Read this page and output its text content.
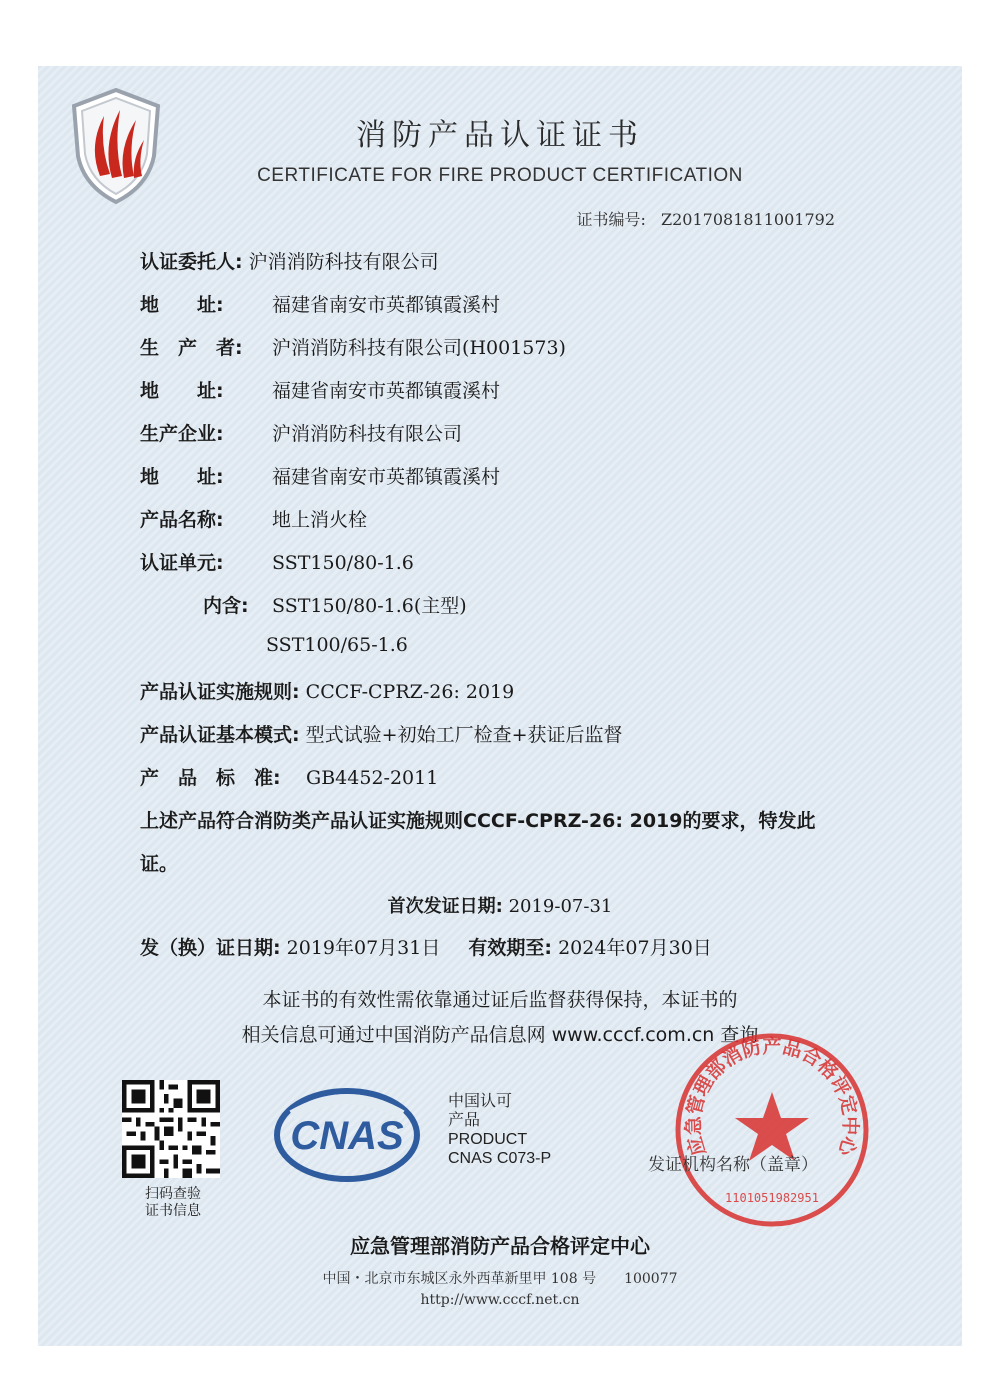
消防产品认证证书
CERTIFICATE FOR FIRE PRODUCT CERTIFICATION
证书编号: Z2017081811001792
认证委托人: 沪消消防科技有限公司
地　　址:	福建省南安市英都镇霞溪村
生　产　者: 沪消消防科技有限公司(H001573)
地　　址:	福建省南安市英都镇霞溪村
生产企业:	沪消消防科技有限公司
地　　址:	福建省南安市英都镇霞溪村
产品名称:	地上消火栓
认证单元:	SST150/80-1.6
内含: SST150/80-1.6(主型)
SST100/65-1.6
产品认证实施规则: CCCF-CPRZ-26: 2019
产品认证基本模式: 型式试验+初始工厂检查+获证后监督
产　品　标　准: GB4452-2011
上述产品符合消防类产品认证实施规则CCCF-CPRZ-26: 2019的要求，特发此证。
首次发证日期: 2019-07-31
发（换）证日期: 2019年07月31日 有效期至: 2024年07月30日
本证书的有效性需依靠通过证后监督获得保持，本证书的
相关信息可通过中国消防产品信息网 www.cccf.com.cn 查询
扫码查验
证书信息
CNAS
中国认可
产品
PRODUCT
CNAS C073-P
应急管理部消防产品合格评定中心
1101051982951
发证机构名称（盖章）
应急管理部消防产品合格评定中心
中国・北京市东城区永外西革新里甲 108 号　　100077
http://www.cccf.net.cn
